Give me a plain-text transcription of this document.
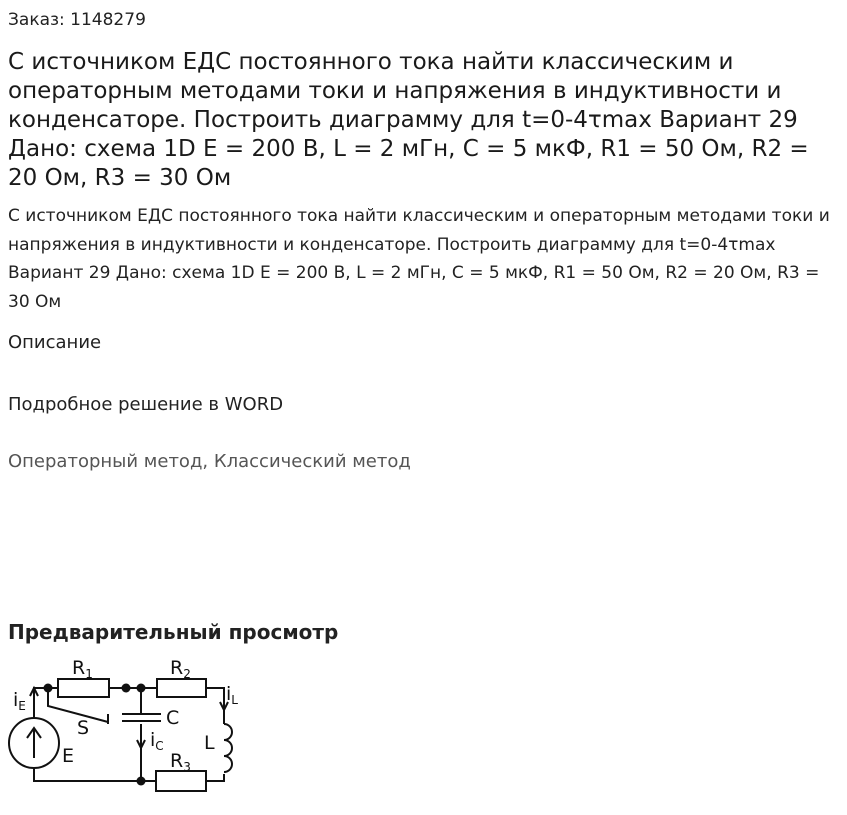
Заказ: 1148279
С источником ЕДС постоянного тока найти классическим и операторным методами токи и напряжения в индуктивности и конденсаторе. Построить диаграмму для t=0-4τmax Вариант 29 Дано: схема 1D E = 200 В, L = 2 мГн, C = 5 мкФ, R1 = 50 Ом, R2 = 20 Ом, R3 = 30 Ом
С источником ЕДС постоянного тока найти классическим и операторным методами токи и напряжения в индуктивности и конденсаторе. Построить диаграмму для t=0-4τmax Вариант 29 Дано: схема 1D E = 200 В, L = 2 мГн, C = 5 мкФ, R1 = 50 Ом, R2 = 20 Ом, R3 = 30 Ом
Описание
Подробное решение в WORD
Операторный метод, Классический метод
Предварительный просмотр
$R_1$	$R_2$
$R_3$
$i_E$
$i_L$
$i_C$
S	C
L
E
